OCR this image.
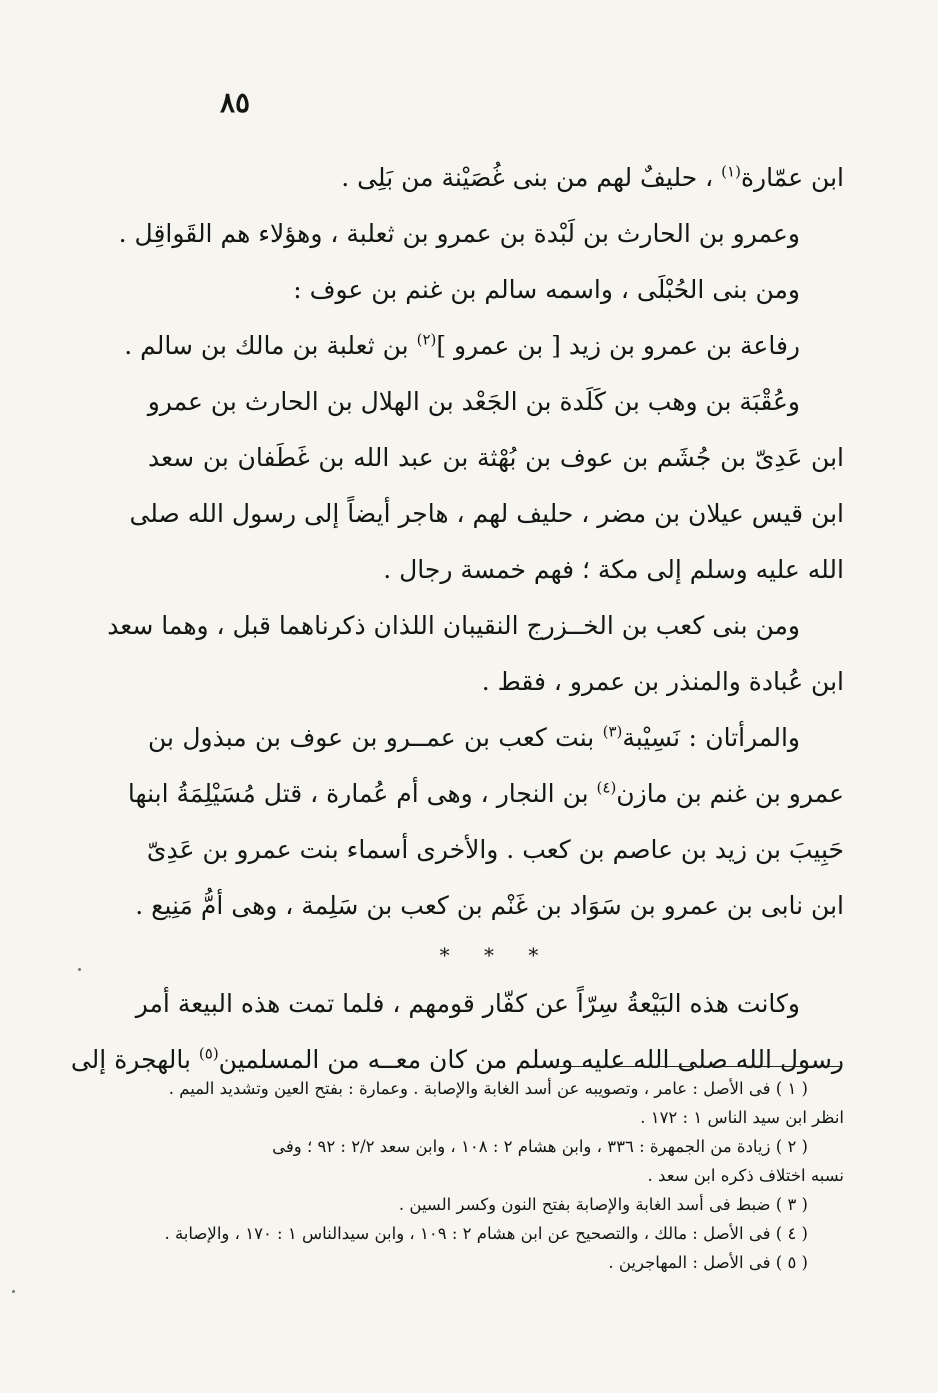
٨٥
ابن عمّارة$^{(١)}$ ، حليفٌ لهم من بنى غُصَيْنة من بَلِى .
وعمرو بن الحارث بن لَبْدة بن عمرو بن ثعلبة ، وهؤلاء هم القَواقِل .
ومن بنى الحُبْلَى ، واسمه سالم بن غنم بن عوف :
رفاعة بن عمرو بن زيد [ بن عمرو ]$^{(٢)}$ بن ثعلبة بن مالك بن سالم .
وعُقْبَة بن وهب بن كَلَدة بن الجَعْد بن الهلال بن الحارث بن عمرو
ابن عَدِىّ بن جُشَم بن عوف بن بُهْثة بن عبد الله بن غَطَفان بن سعد
ابن قيس عيلان بن مضر ، حليف لهم ، هاجر أيضاً إلى رسول الله صلى
الله عليه وسلم إلى مكة ؛ فهم خمسة رجال .
ومن بنى كعب بن الخــزرج النقيبان اللذان ذكرناهما قبل ، وهما سعد
ابن عُبادة والمنذر بن عمرو ، فقط .
والمرأتان : نَسِيْبة$^{(٣)}$ بنت كعب بن عمــرو بن عوف بن مبذول بن
عمرو بن غنم بن مازن$^{(٤)}$ بن النجار ، وهى أم عُمارة ، قتل مُسَيْلِمَةُ ابنها
حَبِيبَ بن زيد بن عاصم بن كعب . والأخرى أسماء بنت عمرو بن عَدِىّ
ابن نابى بن عمرو بن سَوَاد بن غَنْم بن كعب بن سَلِمة ، وهى أمُّ مَنِيع .
* * *
وكانت هذه البَيْعةُ سِرّاً عن كفّار قومهم ، فلما تمت هذه البيعة أمر
رسول الله صلى الله عليه وسلم من كان معــه من المسلمين$^{(٥)}$ بالهجرة إلى
( ١ ) فى الأصل : عامر ، وتصويبه عن أسد الغابة والإصابة . وعمارة : بفتح العين وتشديد الميم .
انظر ابن سيد الناس ١ : ١٧٢ .
( ٢ ) زيادة من الجمهرة : ٣٣٦ ، وابن هشام ٢ : ١٠٨ ، وابن سعد ٢/٢ : ٩٢ ؛ وفى
نسبه اختلاف ذكره ابن سعد .
( ٣ ) ضبط فى أسد الغابة والإصابة بفتح النون وكسر السين .
( ٤ ) فى الأصل : مالك ، والتصحيح عن ابن هشام ٢ : ١٠٩ ، وابن سيدالناس ١ : ١٧٠ ، والإصابة .
( ٥ ) فى الأصل : المهاجرين .
